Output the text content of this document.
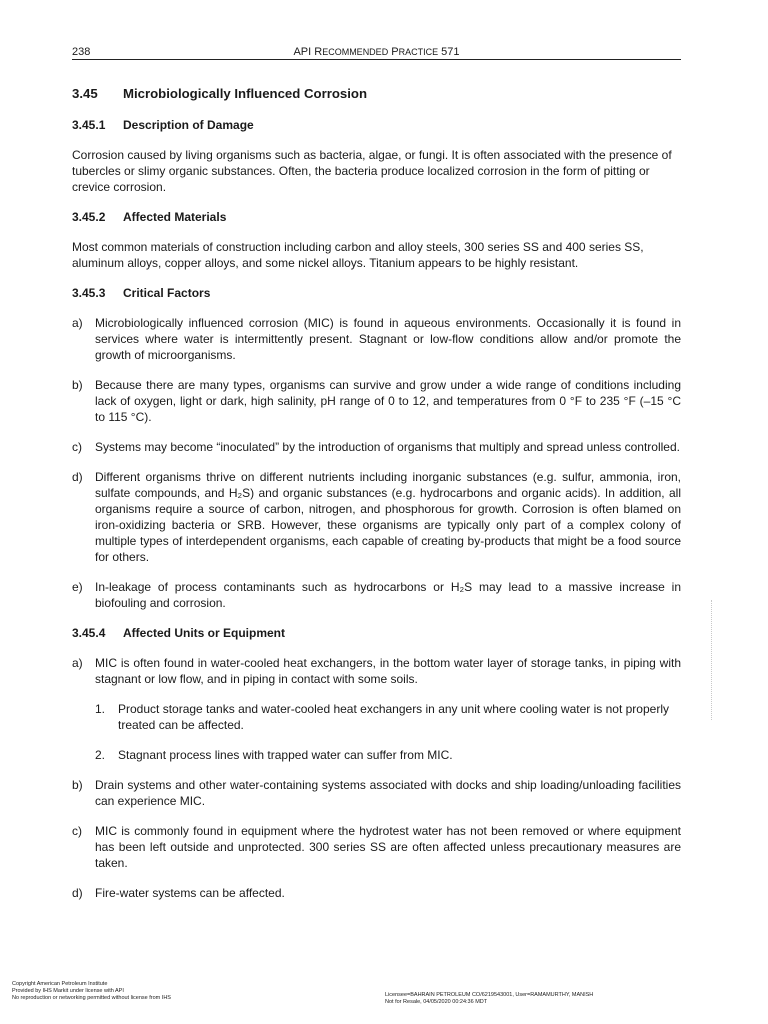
238	API RECOMMENDED PRACTICE 571
3.45 Microbiologically Influenced Corrosion
3.45.1 Description of Damage

Corrosion caused by living organisms such as bacteria, algae, or fungi. It is often associated with the presence of tubercles or slimy organic substances. Often, the bacteria produce localized corrosion in the form of pitting or crevice corrosion.

3.45.2 Affected Materials

Most common materials of construction including carbon and alloy steels, 300 series SS and 400 series SS, aluminum alloys, copper alloys, and some nickel alloys. Titanium appears to be highly resistant.

3.45.3 Critical Factors
a) Microbiologically influenced corrosion (MIC) is found in aqueous environments. Occasionally it is found in services where water is intermittently present. Stagnant or low-flow conditions allow and/or promote the growth of microorganisms.
b) Because there are many types, organisms can survive and grow under a wide range of conditions including lack of oxygen, light or dark, high salinity, pH range of 0 to 12, and temperatures from 0 °F to 235 °F (–15 °C to 115 °C).
c) Systems may become “inoculated” by the introduction of organisms that multiply and spread unless controlled.
d) Different organisms thrive on different nutrients including inorganic substances (e.g. sulfur, ammonia, iron, sulfate compounds, and H₂S) and organic substances (e.g. hydrocarbons and organic acids). In addition, all organisms require a source of carbon, nitrogen, and phosphorous for growth. Corrosion is often blamed on iron-oxidizing bacteria or SRB. However, these organisms are typically only part of a complex colony of multiple types of interdependent organisms, each capable of creating by-products that might be a food source for others.
e) In-leakage of process contaminants such as hydrocarbons or H₂S may lead to a massive increase in biofouling and corrosion.
3.45.4 Affected Units or Equipment
a) MIC is often found in water-cooled heat exchangers, in the bottom water layer of storage tanks, in piping with stagnant or low flow, and in piping in contact with some soils.
1. Product storage tanks and water-cooled heat exchangers in any unit where cooling water is not properly treated can be affected.
2. Stagnant process lines with trapped water can suffer from MIC.
b) Drain systems and other water-containing systems associated with docks and ship loading/unloading facilities can experience MIC.
c) MIC is commonly found in equipment where the hydrotest water has not been removed or where equipment has been left outside and unprotected. 300 series SS are often affected unless precautionary measures are taken.
d) Fire-water systems can be affected.
Copyright American Petroleum Institute
Provided by IHS Markit under license with API
No reproduction or networking permitted without license from IHS	Licensee=BAHRAIN PETROLEUM CO/6219543001, User=RAMAMURTHY, MANISH
Not for Resale, 04/05/2020 00:24:36 MDT
